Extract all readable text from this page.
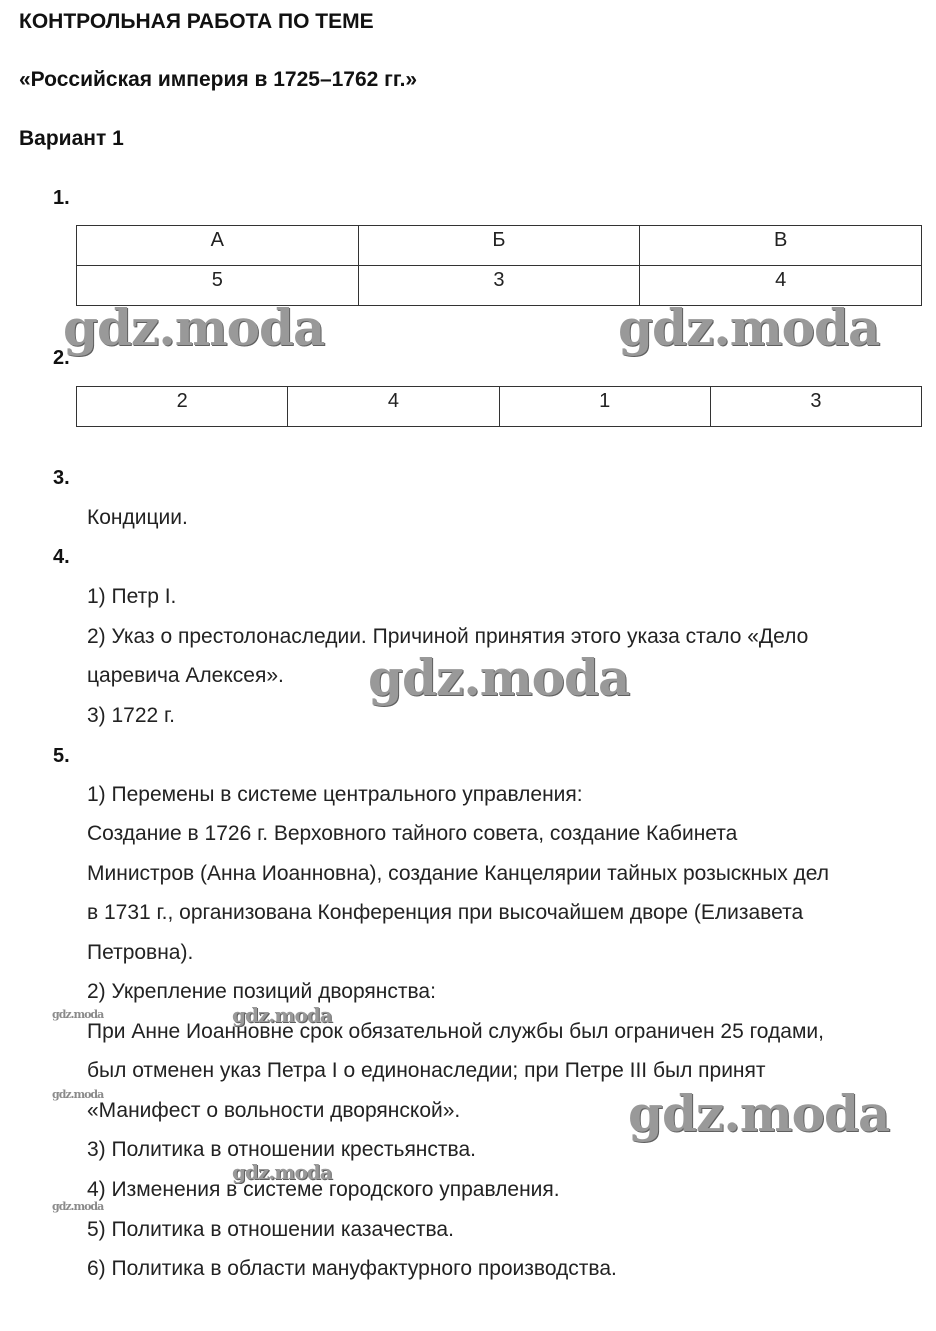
КОНТРОЛЬНАЯ РАБОТА ПО ТЕМЕ
«Российская империя в 1725–1762 гг.»
Вариант 1
1.
А	Б	В
5	3	4
2.
2	4	1	3
3.
Кондиции.
4.
1) Петр I.
2) Указ о престолонаследии. Причиной принятия этого указа стало «Дело
царевича Алексея».
3) 1722 г.
5.
1) Перемены в системе центрального управления:
Создание в 1726 г. Верховного тайного совета, создание Кабинета
Министров (Анна Иоанновна), создание Канцелярии тайных розыскных дел
в 1731 г., организована Конференция при высочайшем дворе (Елизавета
Петровна).
2) Укрепление позиций дворянства:
При Анне Иоанновне срок обязательной службы был ограничен 25 годами,
был отменен указ Петра I о единонаследии; при Петре III был принят
«Манифест о вольности дворянской».
3) Политика в отношении крестьянства.
4) Изменения в системе городского управления.
5) Политика в отношении казачества.
6) Политика в области мануфактурного производства.
gdz.moda	gdz.moda
gdz.moda
gdz.moda
gdz.moda
gdz.moda
gdz.moda
gdz.moda
gdz.moda
